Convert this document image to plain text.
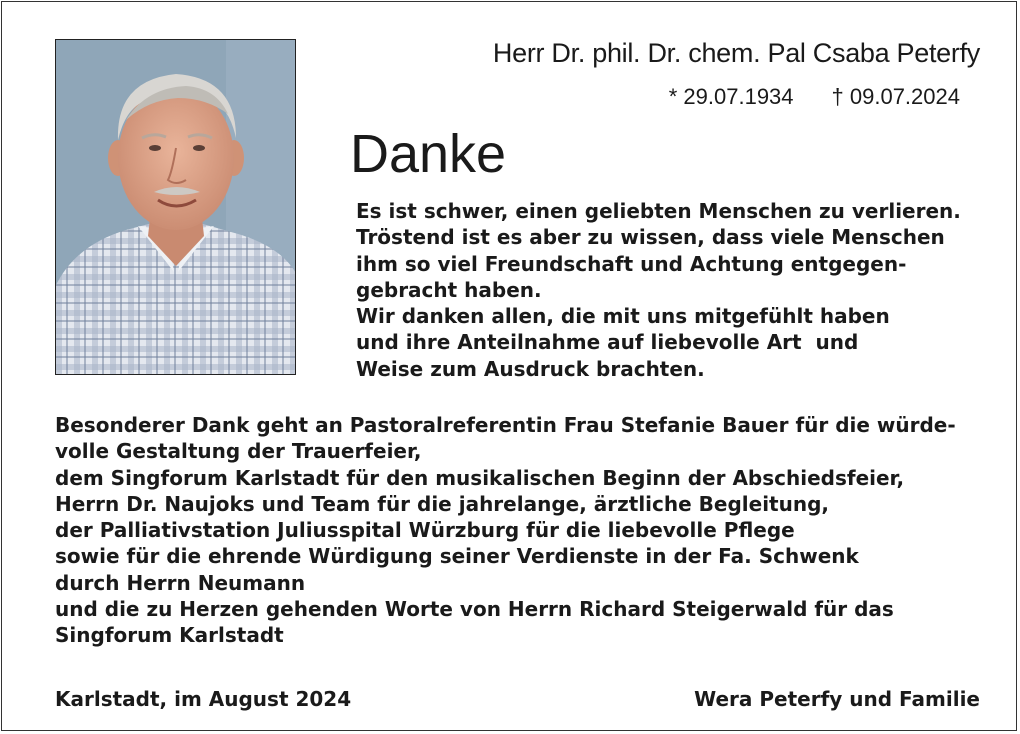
Herr Dr. phil. Dr. chem. Pal Csaba Peterfy
* 29.07.1934 † 09.07.2024
Danke
Es ist schwer, einen geliebten Menschen zu verlieren.
Tröstend ist es aber zu wissen, dass viele Menschen
ihm so viel Freundschaft und Achtung entgegen-
gebracht haben.
Wir danken allen, die mit uns mitgefühlt haben
und ihre Anteilnahme auf liebevolle Art  und
Weise zum Ausdruck brachten.
Besonderer Dank geht an Pastoralreferentin Frau Stefanie Bauer für die würde-
volle Gestaltung der Trauerfeier,
dem Singforum Karlstadt für den musikalischen Beginn der Abschiedsfeier,
Herrn Dr. Naujoks und Team für die jahrelange, ärztliche Begleitung,
der Palliativstation Juliusspital Würzburg für die liebevolle Pflege
sowie für die ehrende Würdigung seiner Verdienste in der Fa. Schwenk
durch Herrn Neumann
und die zu Herzen gehenden Worte von Herrn Richard Steigerwald für das
Singforum Karlstadt
Karlstadt, im August 2024	Wera Peterfy und Familie
